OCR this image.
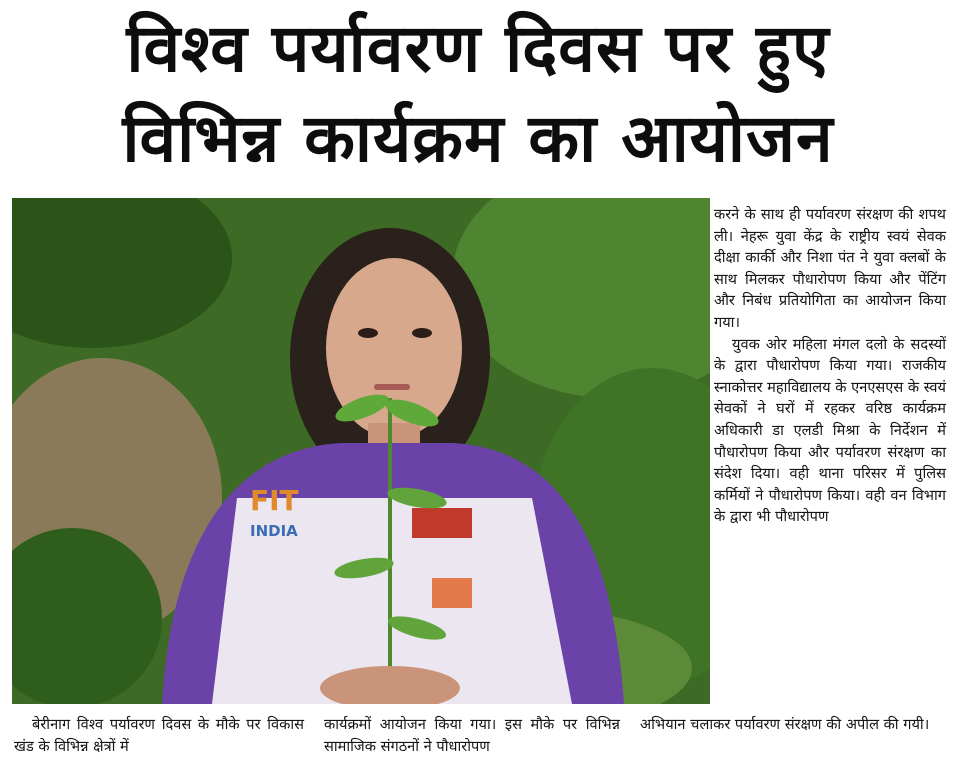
विश्व पर्यावरण दिवस पर हुए
विभिन्न कार्यक्रम का आयोजन
FIT
INDIA

करने के साथ ही पर्यावरण संरक्षण की शपथ ली। नेहरू युवा केंद्र के राष्ट्रीय स्वयं सेवक दीक्षा कार्की और निशा पंत ने युवा क्लबों के साथ मिलकर पौधारोपण किया और पेंटिंग और निबंध प्रतियोगिता का आयोजन किया गया।

युवक ओर महिला मंगल दलो के सदस्यों के द्वारा पौधारोपण किया गया। राजकीय स्नाकोत्तर महाविद्यालय के एनएसएस के स्वयं सेवकों ने घरों में रहकर वरिष्ठ कार्यक्रम अधिकारी डा एलडी मिश्रा के निर्देशन में पौधारोपण किया और पर्यावरण संरक्षण का संदेश दिया। वही थाना परिसर में पुलिस कर्मियों ने पौधारोपण किया। वही वन विभाग के द्वारा भी पौधारोपण

बेरीनाग विश्व पर्यावरण दिवस के मौके पर विकास खंड के विभिन्न क्षेत्रों में

कार्यक्रमों आयोजन किया गया। इस मौके पर विभिन्न सामाजिक संगठनों ने पौधारोपण

अभियान चलाकर पर्यावरण संरक्षण की अपील की गयी।
